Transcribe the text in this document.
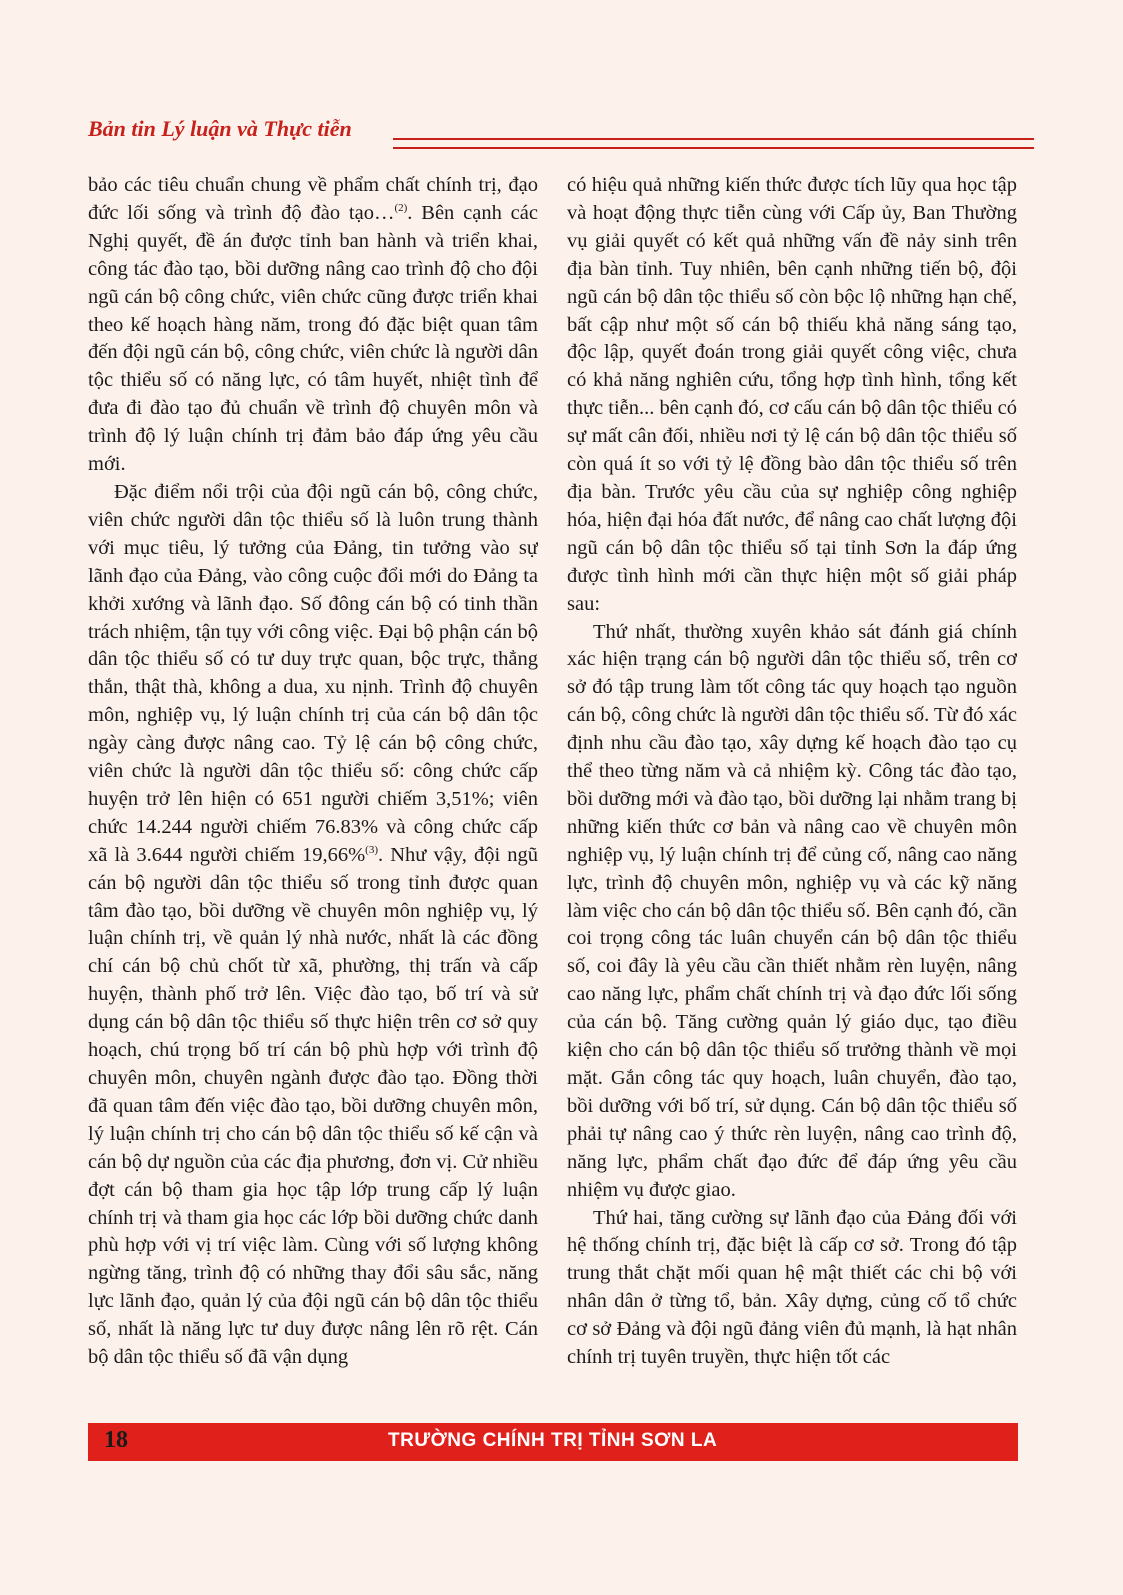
Bản tin Lý luận và Thực tiễn

bảo các tiêu chuẩn chung về phẩm chất chính trị, đạo đức lối sống và trình độ đào tạo…$^{(2)}$. Bên cạnh các Nghị quyết, đề án được tỉnh ban hành và triển khai, công tác đào tạo, bồi dưỡng nâng cao trình độ cho đội ngũ cán bộ công chức, viên chức cũng được triển khai theo kế hoạch hàng năm, trong đó đặc biệt quan tâm đến đội ngũ cán bộ, công chức, viên chức là người dân tộc thiểu số có năng lực, có tâm huyết, nhiệt tình để đưa đi đào tạo đủ chuẩn về trình độ chuyên môn và trình độ lý luận chính trị đảm bảo đáp ứng yêu cầu mới.

Đặc điểm nổi trội của đội ngũ cán bộ, công chức, viên chức người dân tộc thiểu số là luôn trung thành với mục tiêu, lý tưởng của Đảng, tin tưởng vào sự lãnh đạo của Đảng, vào công cuộc đổi mới do Đảng ta khởi xướng và lãnh đạo. Số đông cán bộ có tinh thần trách nhiệm, tận tụy với công việc. Đại bộ phận cán bộ dân tộc thiểu số có tư duy trực quan, bộc trực, thẳng thắn, thật thà, không a dua, xu nịnh. Trình độ chuyên môn, nghiệp vụ, lý luận chính trị của cán bộ dân tộc ngày càng được nâng cao. Tỷ lệ cán bộ công chức, viên chức là người dân tộc thiểu số: công chức cấp huyện trở lên hiện có 651 người chiếm 3,51%; viên chức 14.244 người chiếm 76.83% và công chức cấp xã là 3.644 người chiếm 19,66%$^{(3)}$. Như vậy, đội ngũ cán bộ người dân tộc thiểu số trong tỉnh được quan tâm đào tạo, bồi dưỡng về chuyên môn nghiệp vụ, lý luận chính trị, về quản lý nhà nước, nhất là các đồng chí cán bộ chủ chốt từ xã, phường, thị trấn và cấp huyện, thành phố trở lên. Việc đào tạo, bố trí và sử dụng cán bộ dân tộc thiểu số thực hiện trên cơ sở quy hoạch, chú trọng bố trí cán bộ phù hợp với trình độ chuyên môn, chuyên ngành được đào tạo. Đồng thời đã quan tâm đến việc đào tạo, bồi dưỡng chuyên môn, lý luận chính trị cho cán bộ dân tộc thiểu số kế cận và cán bộ dự nguồn của các địa phương, đơn vị. Cử nhiều đợt cán bộ tham gia học tập lớp trung cấp lý luận chính trị và tham gia học các lớp bồi dưỡng chức danh phù hợp với vị trí việc làm. Cùng với số lượng không ngừng tăng, trình độ có những thay đổi sâu sắc, năng lực lãnh đạo, quản lý của đội ngũ cán bộ dân tộc thiểu số, nhất là năng lực tư duy được nâng lên rõ rệt. Cán bộ dân tộc thiểu số đã vận dụng

có hiệu quả những kiến thức được tích lũy qua học tập và hoạt động thực tiễn cùng với Cấp ủy, Ban Thường vụ giải quyết có kết quả những vấn đề nảy sinh trên địa bàn tỉnh. Tuy nhiên, bên cạnh những tiến bộ, đội ngũ cán bộ dân tộc thiểu số còn bộc lộ những hạn chế, bất cập như một số cán bộ thiếu khả năng sáng tạo, độc lập, quyết đoán trong giải quyết công việc, chưa có khả năng nghiên cứu, tổng hợp tình hình, tổng kết thực tiễn... bên cạnh đó, cơ cấu cán bộ dân tộc thiểu có sự mất cân đối, nhiều nơi tỷ lệ cán bộ dân tộc thiểu số còn quá ít so với tỷ lệ đồng bào dân tộc thiểu số trên địa bàn. Trước yêu cầu của sự nghiệp công nghiệp hóa, hiện đại hóa đất nước, để nâng cao chất lượng đội ngũ cán bộ dân tộc thiểu số tại tỉnh Sơn la đáp ứng được tình hình mới cần thực hiện một số giải pháp sau:

Thứ nhất, thường xuyên khảo sát đánh giá chính xác hiện trạng cán bộ người dân tộc thiểu số, trên cơ sở đó tập trung làm tốt công tác quy hoạch tạo nguồn cán bộ, công chức là người dân tộc thiểu số. Từ đó xác định nhu cầu đào tạo, xây dựng kế hoạch đào tạo cụ thể theo từng năm và cả nhiệm kỳ. Công tác đào tạo, bồi dưỡng mới và đào tạo, bồi dưỡng lại nhằm trang bị những kiến thức cơ bản và nâng cao về chuyên môn nghiệp vụ, lý luận chính trị để củng cố, nâng cao năng lực, trình độ chuyên môn, nghiệp vụ và các kỹ năng làm việc cho cán bộ dân tộc thiểu số. Bên cạnh đó, cần coi trọng công tác luân chuyển cán bộ dân tộc thiểu số, coi đây là yêu cầu cần thiết nhằm rèn luyện, nâng cao năng lực, phẩm chất chính trị và đạo đức lối sống của cán bộ. Tăng cường quản lý giáo dục, tạo điều kiện cho cán bộ dân tộc thiểu số trưởng thành về mọi mặt. Gắn công tác quy hoạch, luân chuyển, đào tạo, bồi dưỡng với bố trí, sử dụng. Cán bộ dân tộc thiểu số phải tự nâng cao ý thức rèn luyện, nâng cao trình độ, năng lực, phẩm chất đạo đức để đáp ứng yêu cầu nhiệm vụ được giao.

Thứ hai, tăng cường sự lãnh đạo của Đảng đối với hệ thống chính trị, đặc biệt là cấp cơ sở. Trong đó tập trung thắt chặt mối quan hệ mật thiết các chi bộ với nhân dân ở từng tổ, bản. Xây dựng, củng cố tổ chức cơ sở Đảng và đội ngũ đảng viên đủ mạnh, là hạt nhân chính trị tuyên truyền, thực hiện tốt các

18	TRƯỜNG CHÍNH TRỊ TỈNH SƠN LA
